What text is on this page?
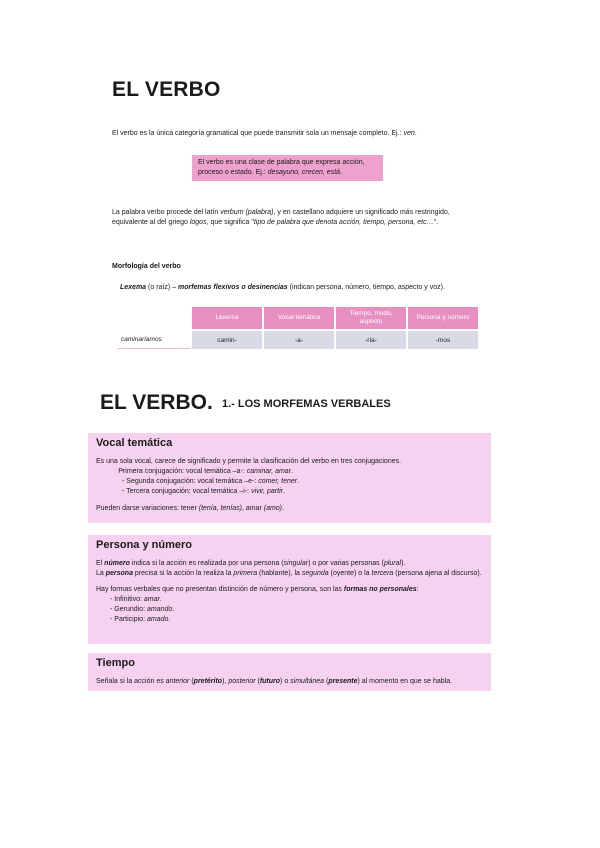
EL VERBO
El verbo es la única categoría gramatical que puede transmitir sola un mensaje completo. Ej.: ven.
El verbo es una clase de palabra que expresa acción, proceso o estado. Ej.: desayuno, crecen, está.
La palabra verbo procede del latín verbum (palabra), y en castellano adquiere un significado más restringido, equivalente al del griego logos, que significa "tipo de palabra que denota acción, tiempo, persona, etc…".
Morfología del verbo
Lexema (o raíz) – morfemas flexivos o desinencias (indican persona, número, tiempo, aspecto y voz).
	Lexema	Vocal temática	Tiempo, modo, aspecto	Persona y número
caminaríamos	camin-	-a-	-ría-	-mos
EL VERBO. 1.- LOS MORFEMAS VERBALES
Vocal temática

Es una sola vocal, carece de significado y permite la clasificación del verbo en tres conjugaciones.

- Primera conjugación: vocal temática –a-: caminar, amar.
- Segunda conjugación: vocal temática –e-: comer, tener.
- Tercera conjugación: vocal temática –i-: vivir, partir.

Pueden darse variaciones: tener (tenía, tenías), amar (amo).

Persona y número

El número indica si la acción es realizada por una persona (singular) o por varias personas (plural).

La persona precisa si la acción la realiza la primera (hablante), la segunda (oyente) o la tercera (persona ajena al discurso).

Hay formas verbales que no presentan distinción de número y persona, son las formas no personales:

- Infinitivo: amar.
- Gerundio: amando.
- Participio: amado.
Tiempo

Señala si la acción es anterior (pretérito), posterior (futuro) o simultánea (presente) al momento en que se habla.
